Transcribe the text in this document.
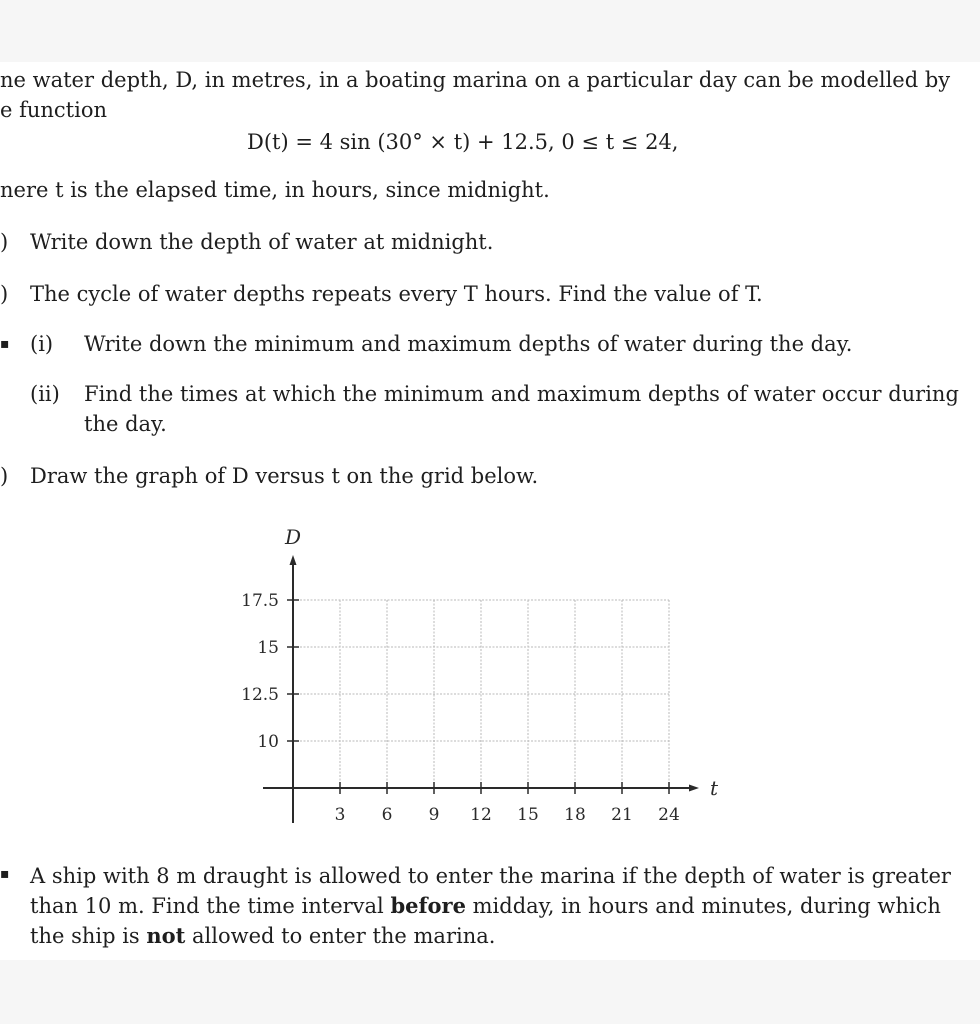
ne water depth, D, in metres, in a boating marina on a particular day can be modelled by
e function
D(t) = 4 sin (30° × t) + 12.5, 0 ≤ t ≤ 24,
nere t is the elapsed time, in hours, since midnight.
) Write down the depth of water at midnight.
) The cycle of water depths repeats every T hours. Find the value of T.
▪ (i) Write down the minimum and maximum depths of water during the day.
(ii) Find the times at which the minimum and maximum depths of water occur during
the day.
) Draw the graph of D versus t on the grid below.
D
t
3 6 9 12 15 18 21 24
10
12.5
15
17.5
▪ A ship with 8 m draught is allowed to enter the marina if the depth of water is greater
than 10 m. Find the time interval before midday, in hours and minutes, during which
the ship is not allowed to enter the marina.
